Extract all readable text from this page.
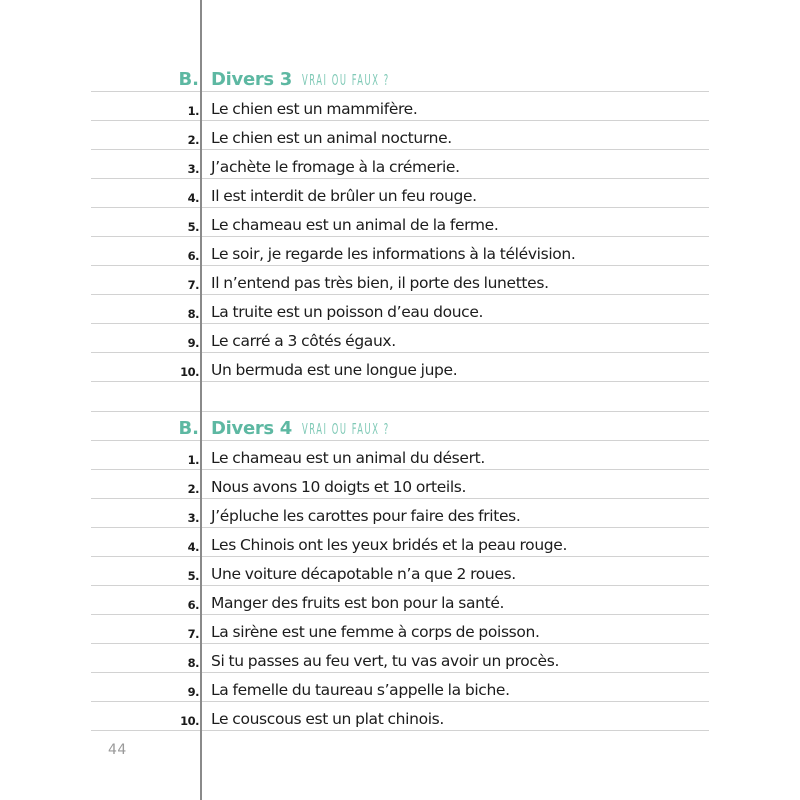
B. Divers 3 VRAI OU FAUX ?
1. Le chien est un mammifère.
2. Le chien est un animal nocturne.
3. J’achète le fromage à la crémerie.
4. Il est interdit de brûler un feu rouge.
5. Le chameau est un animal de la ferme.
6. Le soir, je regarde les informations à la télévision.
7. Il n’entend pas très bien, il porte des lunettes.
8. La truite est un poisson d’eau douce.
9. Le carré a 3 côtés égaux.
10. Un bermuda est une longue jupe.
B. Divers 4 VRAI OU FAUX ?
1. Le chameau est un animal du désert.
2. Nous avons 10 doigts et 10 orteils.
3. J’épluche les carottes pour faire des frites.
4. Les Chinois ont les yeux bridés et la peau rouge.
5. Une voiture décapotable n’a que 2 roues.
6. Manger des fruits est bon pour la santé.
7. La sirène est une femme à corps de poisson.
8. Si tu passes au feu vert, tu vas avoir un procès.
9. La femelle du taureau s’appelle la biche.
10. Le couscous est un plat chinois.
44
